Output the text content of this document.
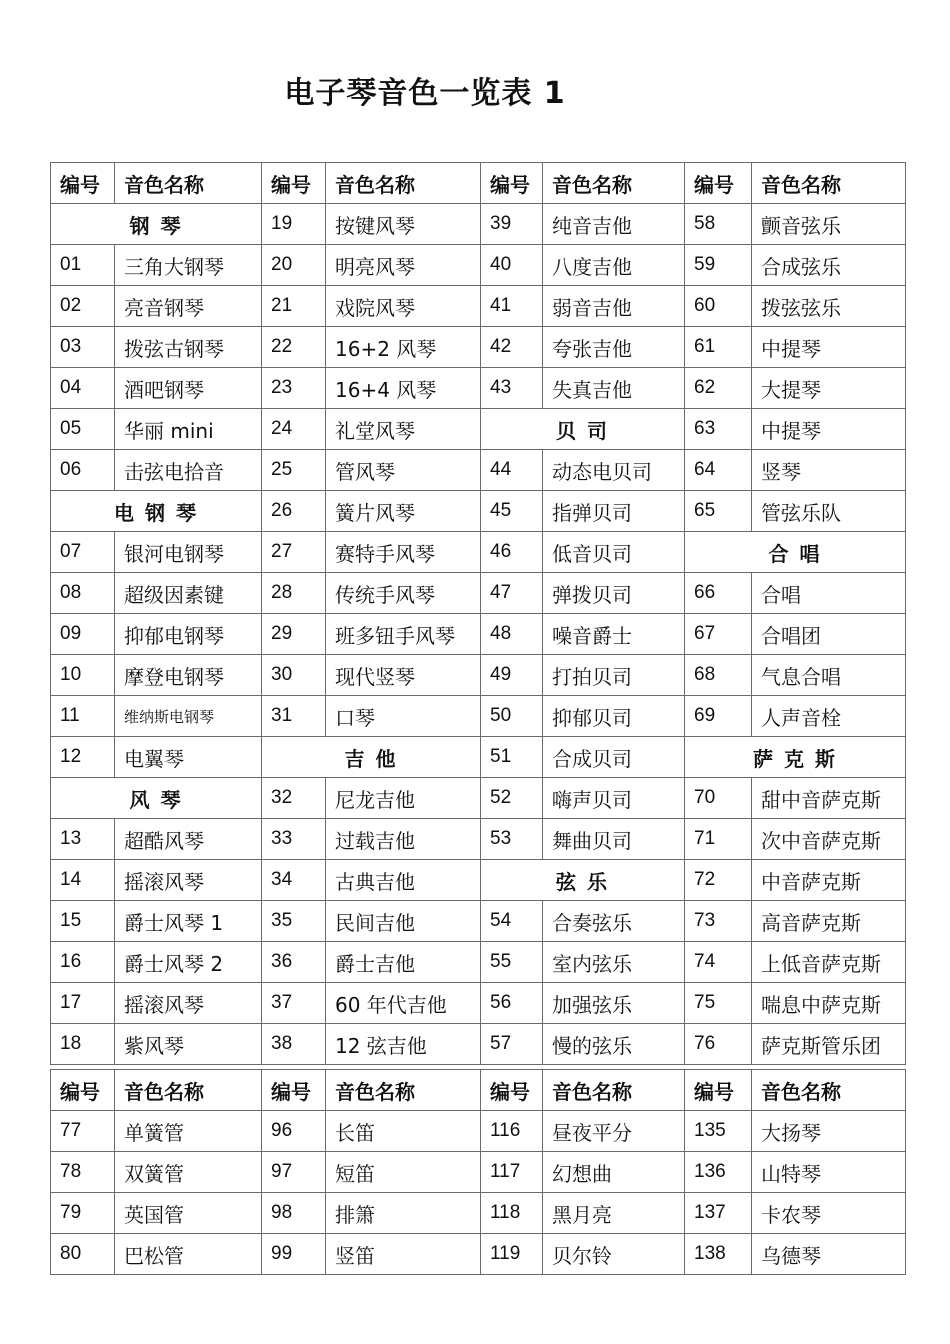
电子琴音色一览表 1
编号	音色名称	编号	音色名称	编号	音色名称	编号	音色名称
钢 琴		19	按键风琴	39	纯音吉他	58	颤音弦乐
01	三角大钢琴	20	明亮风琴	40	八度吉他	59	合成弦乐
02	亮音钢琴	21	戏院风琴	41	弱音吉他	60	拨弦弦乐
03	拨弦古钢琴	22	16+2 风琴	42	夸张吉他	61	中提琴
04	酒吧钢琴	23	16+4 风琴	43	失真吉他	62	大提琴
05	华丽 mini	24	礼堂风琴	贝 司		63	中提琴
06	击弦电拾音	25	管风琴	44	动态电贝司	64	竖琴
电 钢 琴		26	簧片风琴	45	指弹贝司	65	管弦乐队
07	银河电钢琴	27	赛特手风琴	46	低音贝司	合 唱	
08	超级因素键	28	传统手风琴	47	弹拨贝司	66	合唱
09	抑郁电钢琴	29	班多钮手风琴	48	噪音爵士	67	合唱团
10	摩登电钢琴	30	现代竖琴	49	打拍贝司	68	气息合唱
11	维纳斯电钢琴	31	口琴	50	抑郁贝司	69	人声音栓
12	电翼琴	吉 他		51	合成贝司	萨 克 斯	
风 琴		32	尼龙吉他	52	嗨声贝司	70	甜中音萨克斯
13	超酷风琴	33	过载吉他	53	舞曲贝司	71	次中音萨克斯
14	摇滚风琴	34	古典吉他	弦 乐		72	中音萨克斯
15	爵士风琴 1	35	民间吉他	54	合奏弦乐	73	高音萨克斯
16	爵士风琴 2	36	爵士吉他	55	室内弦乐	74	上低音萨克斯
17	摇滚风琴	37	60 年代吉他	56	加强弦乐	75	喘息中萨克斯
18	紫风琴	38	12 弦吉他	57	慢的弦乐	76	萨克斯管乐团
编号	音色名称	编号	音色名称	编号	音色名称	编号	音色名称
77	单簧管	96	长笛	116	昼夜平分	135	大扬琴
78	双簧管	97	短笛	117	幻想曲	136	山特琴
79	英国管	98	排箫	118	黑月亮	137	卡农琴
80	巴松管	99	竖笛	119	贝尔铃	138	乌德琴
